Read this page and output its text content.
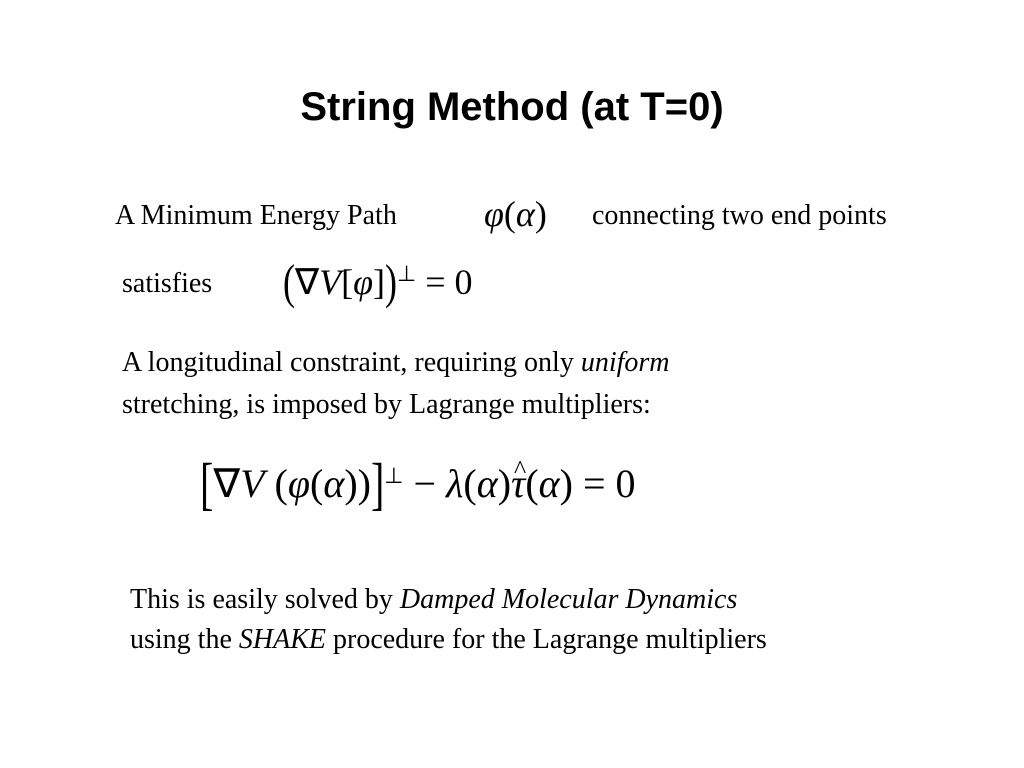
String Method (at T=0)
A Minimum Energy Path φ(α) connecting two end points
satisfies (∇V[φ])⊥ = 0
A longitudinal constraint, requiring only uniform
stretching, is imposed by Lagrange multipliers:
[∇V (φ(α))]⊥ − λ(α)^ τ(α) = 0
This is easily solved by Damped Molecular Dynamics
using the SHAKE procedure for the Lagrange multipliers
